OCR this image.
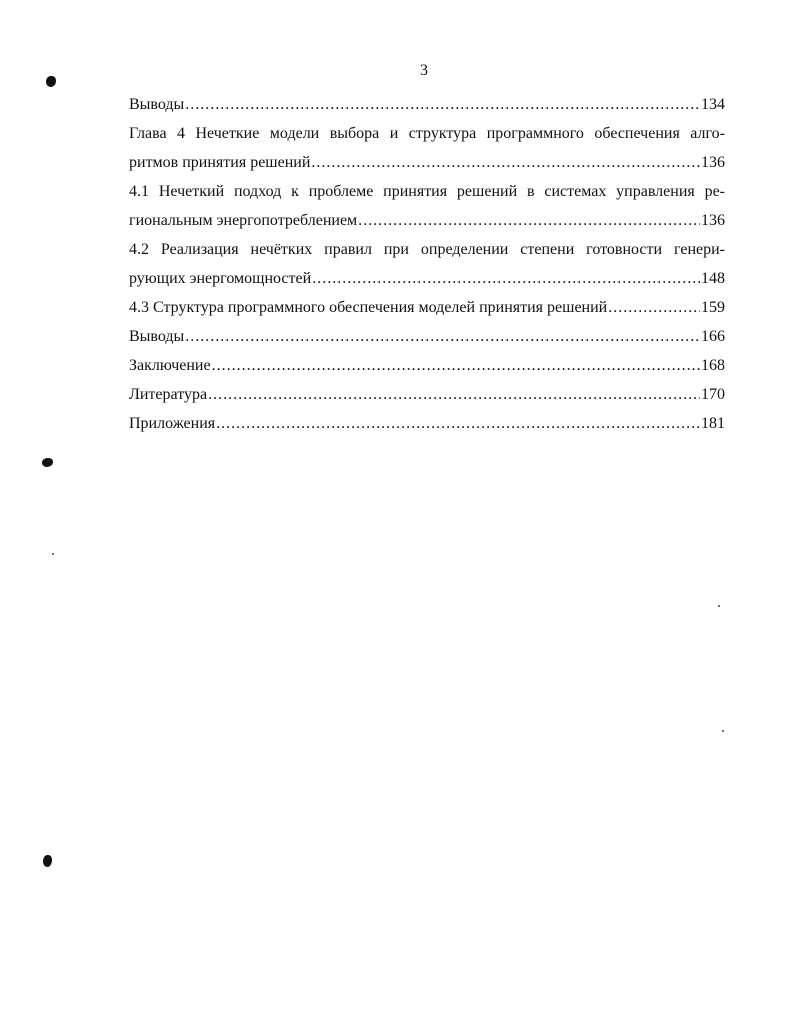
3
Выводы .....	134
Глава 4 Нечеткие модели выбора и структура программного обеспечения алго-
ритмов принятия решений .....	136
4.1 Нечеткий подход к проблеме принятия решений в системах управления ре-
гиональным энергопотреблением .....	136
4.2 Реализация нечётких правил при определении степени готовности генери-
рующих энергомощностей .....	148
4.3 Структура программного обеспечения моделей принятия решений .....	159
Выводы .....	166
Заключение .....	168
Литература .....	170
Приложения .....	181
